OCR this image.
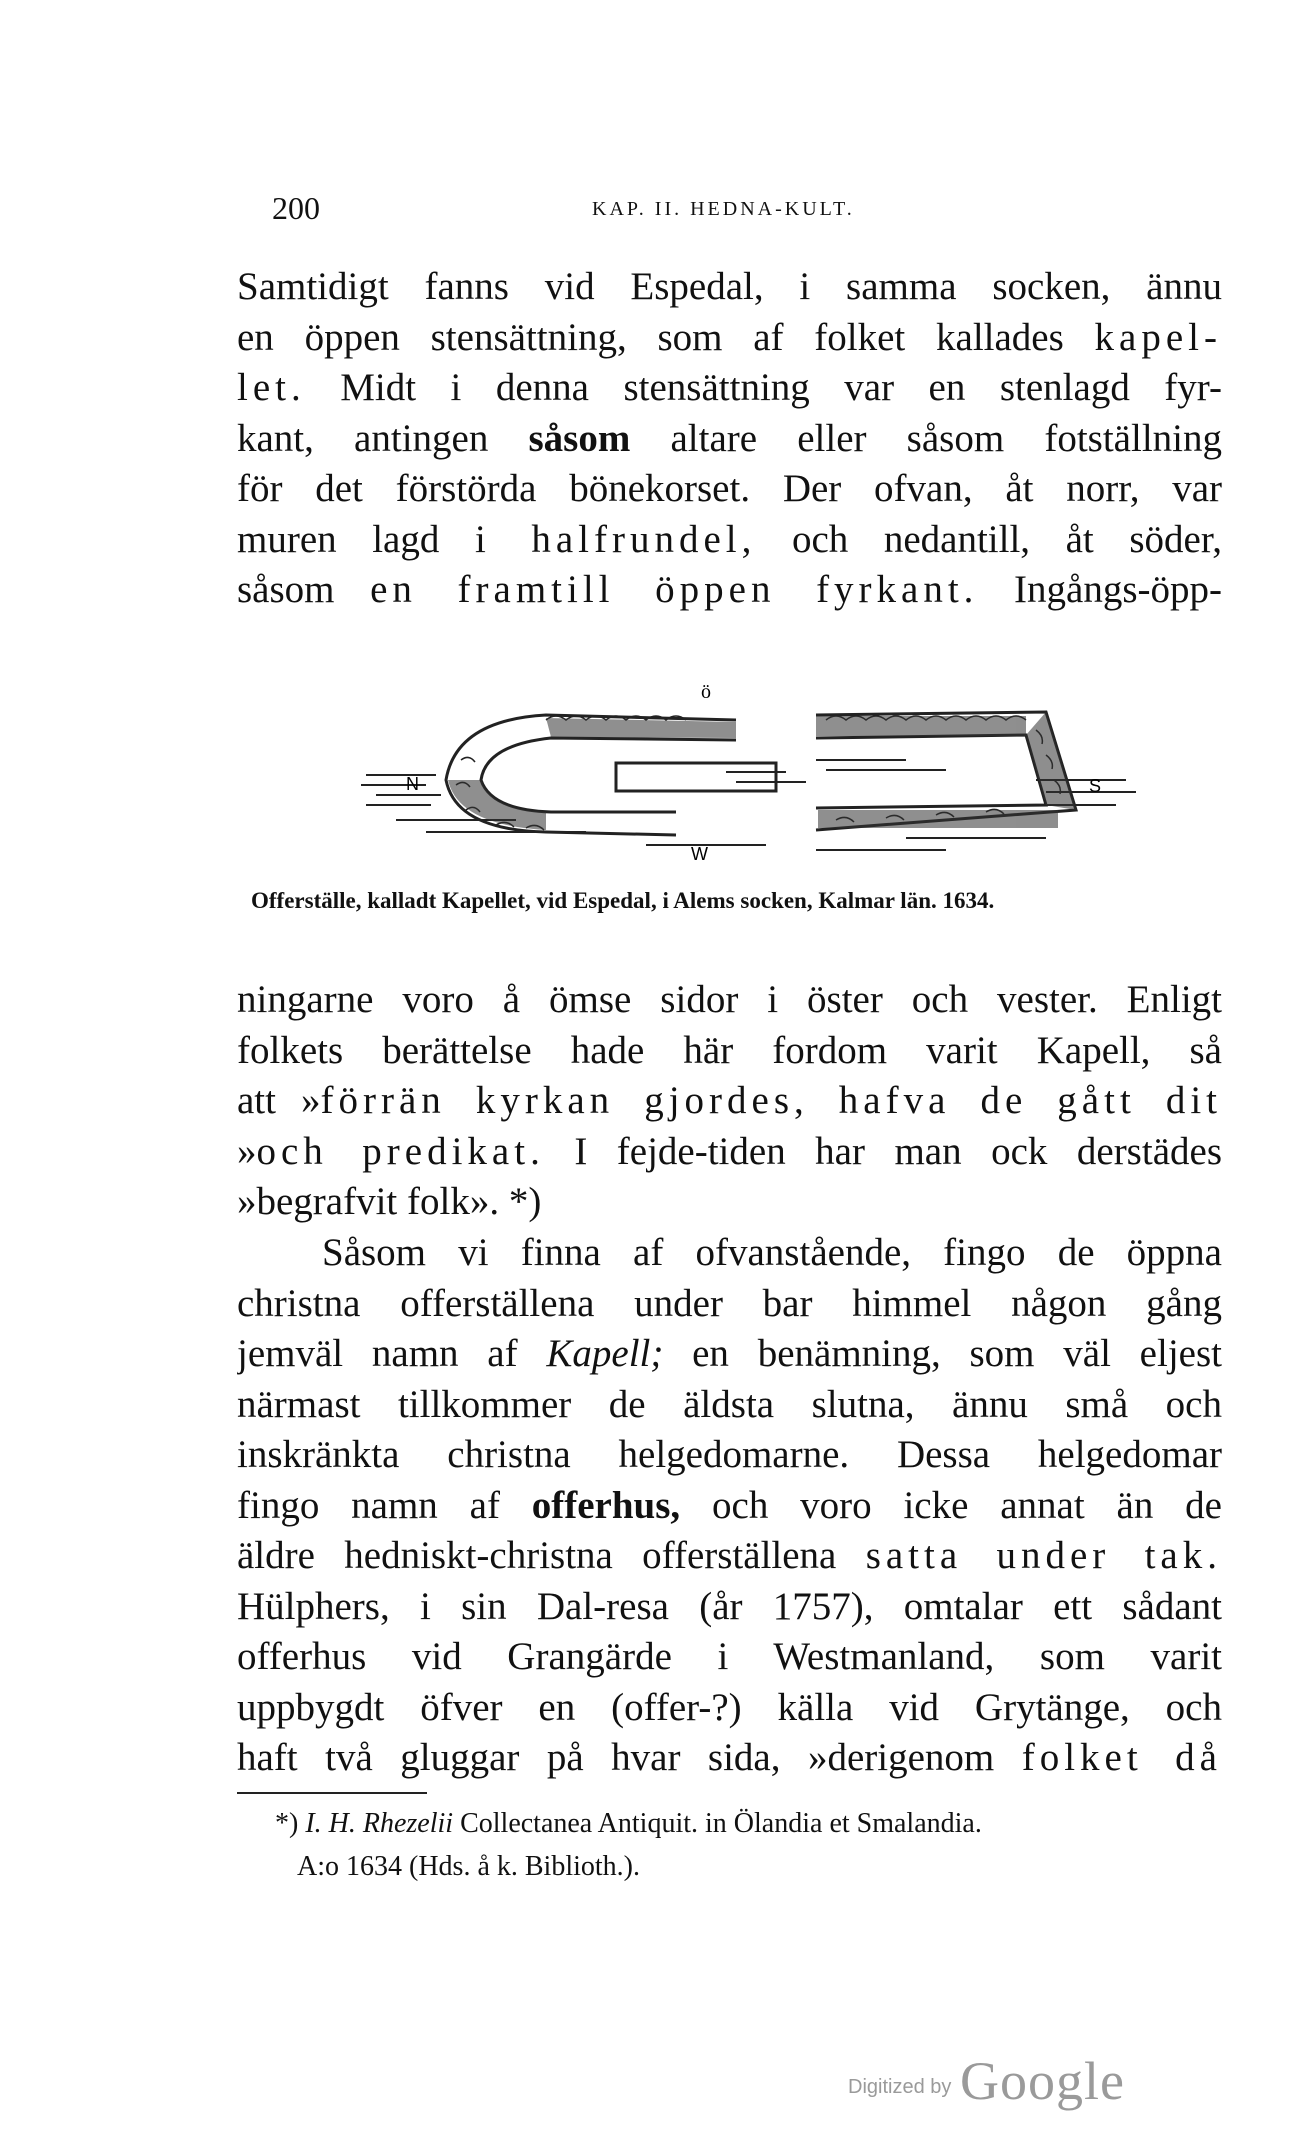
200	KAP. II. HEDNA-KULT.
Samtidigt fanns vid Espedal, i samma socken, ännu
en öppen stensättning, som af folket kallades kapel-
let. Midt i denna stensättning var en stenlagd fyr-
kant, antingen såsom altare eller såsom fotställning
för det förstörda bönekorset. Der ofvan, åt norr, var
muren lagd i halfrundel, och nedantill, åt söder,
såsom en framtill öppen fyrkant. Ingångs-öpp-
ö
N	S
W
Offerställe, kalladt Kapellet, vid Espedal, i Alems socken, Kalmar län. 1634.
ningarne voro å ömse sidor i öster och vester. Enligt
folkets berättelse hade här fordom varit Kapell, så
att »förrän kyrkan gjordes, hafva de gått dit
»och predikat. I fejde-tiden har man ock derstädes
»begrafvit folk». *)
Såsom vi finna af ofvanstående, fingo de öppna
christna offerställena under bar himmel någon gång
jemväl namn af Kapell; en benämning, som väl eljest
närmast tillkommer de äldsta slutna, ännu små och
inskränkta christna helgedomarne. Dessa helgedomar
fingo namn af offerhus, och voro icke annat än de
äldre hedniskt-christna offerställena satta under tak.
Hülphers, i sin Dal-resa (år 1757), omtalar ett sådant
offerhus vid Grangärde i Westmanland, som varit
uppbygdt öfver en (offer-?) källa vid Grytänge, och
haft två gluggar på hvar sida, »derigenom folket då
*) I. H. Rhezelii Collectanea Antiquit. in Ölandia et Smalandia.
A:o 1634 (Hds. å k. Biblioth.).
Digitized by Google
